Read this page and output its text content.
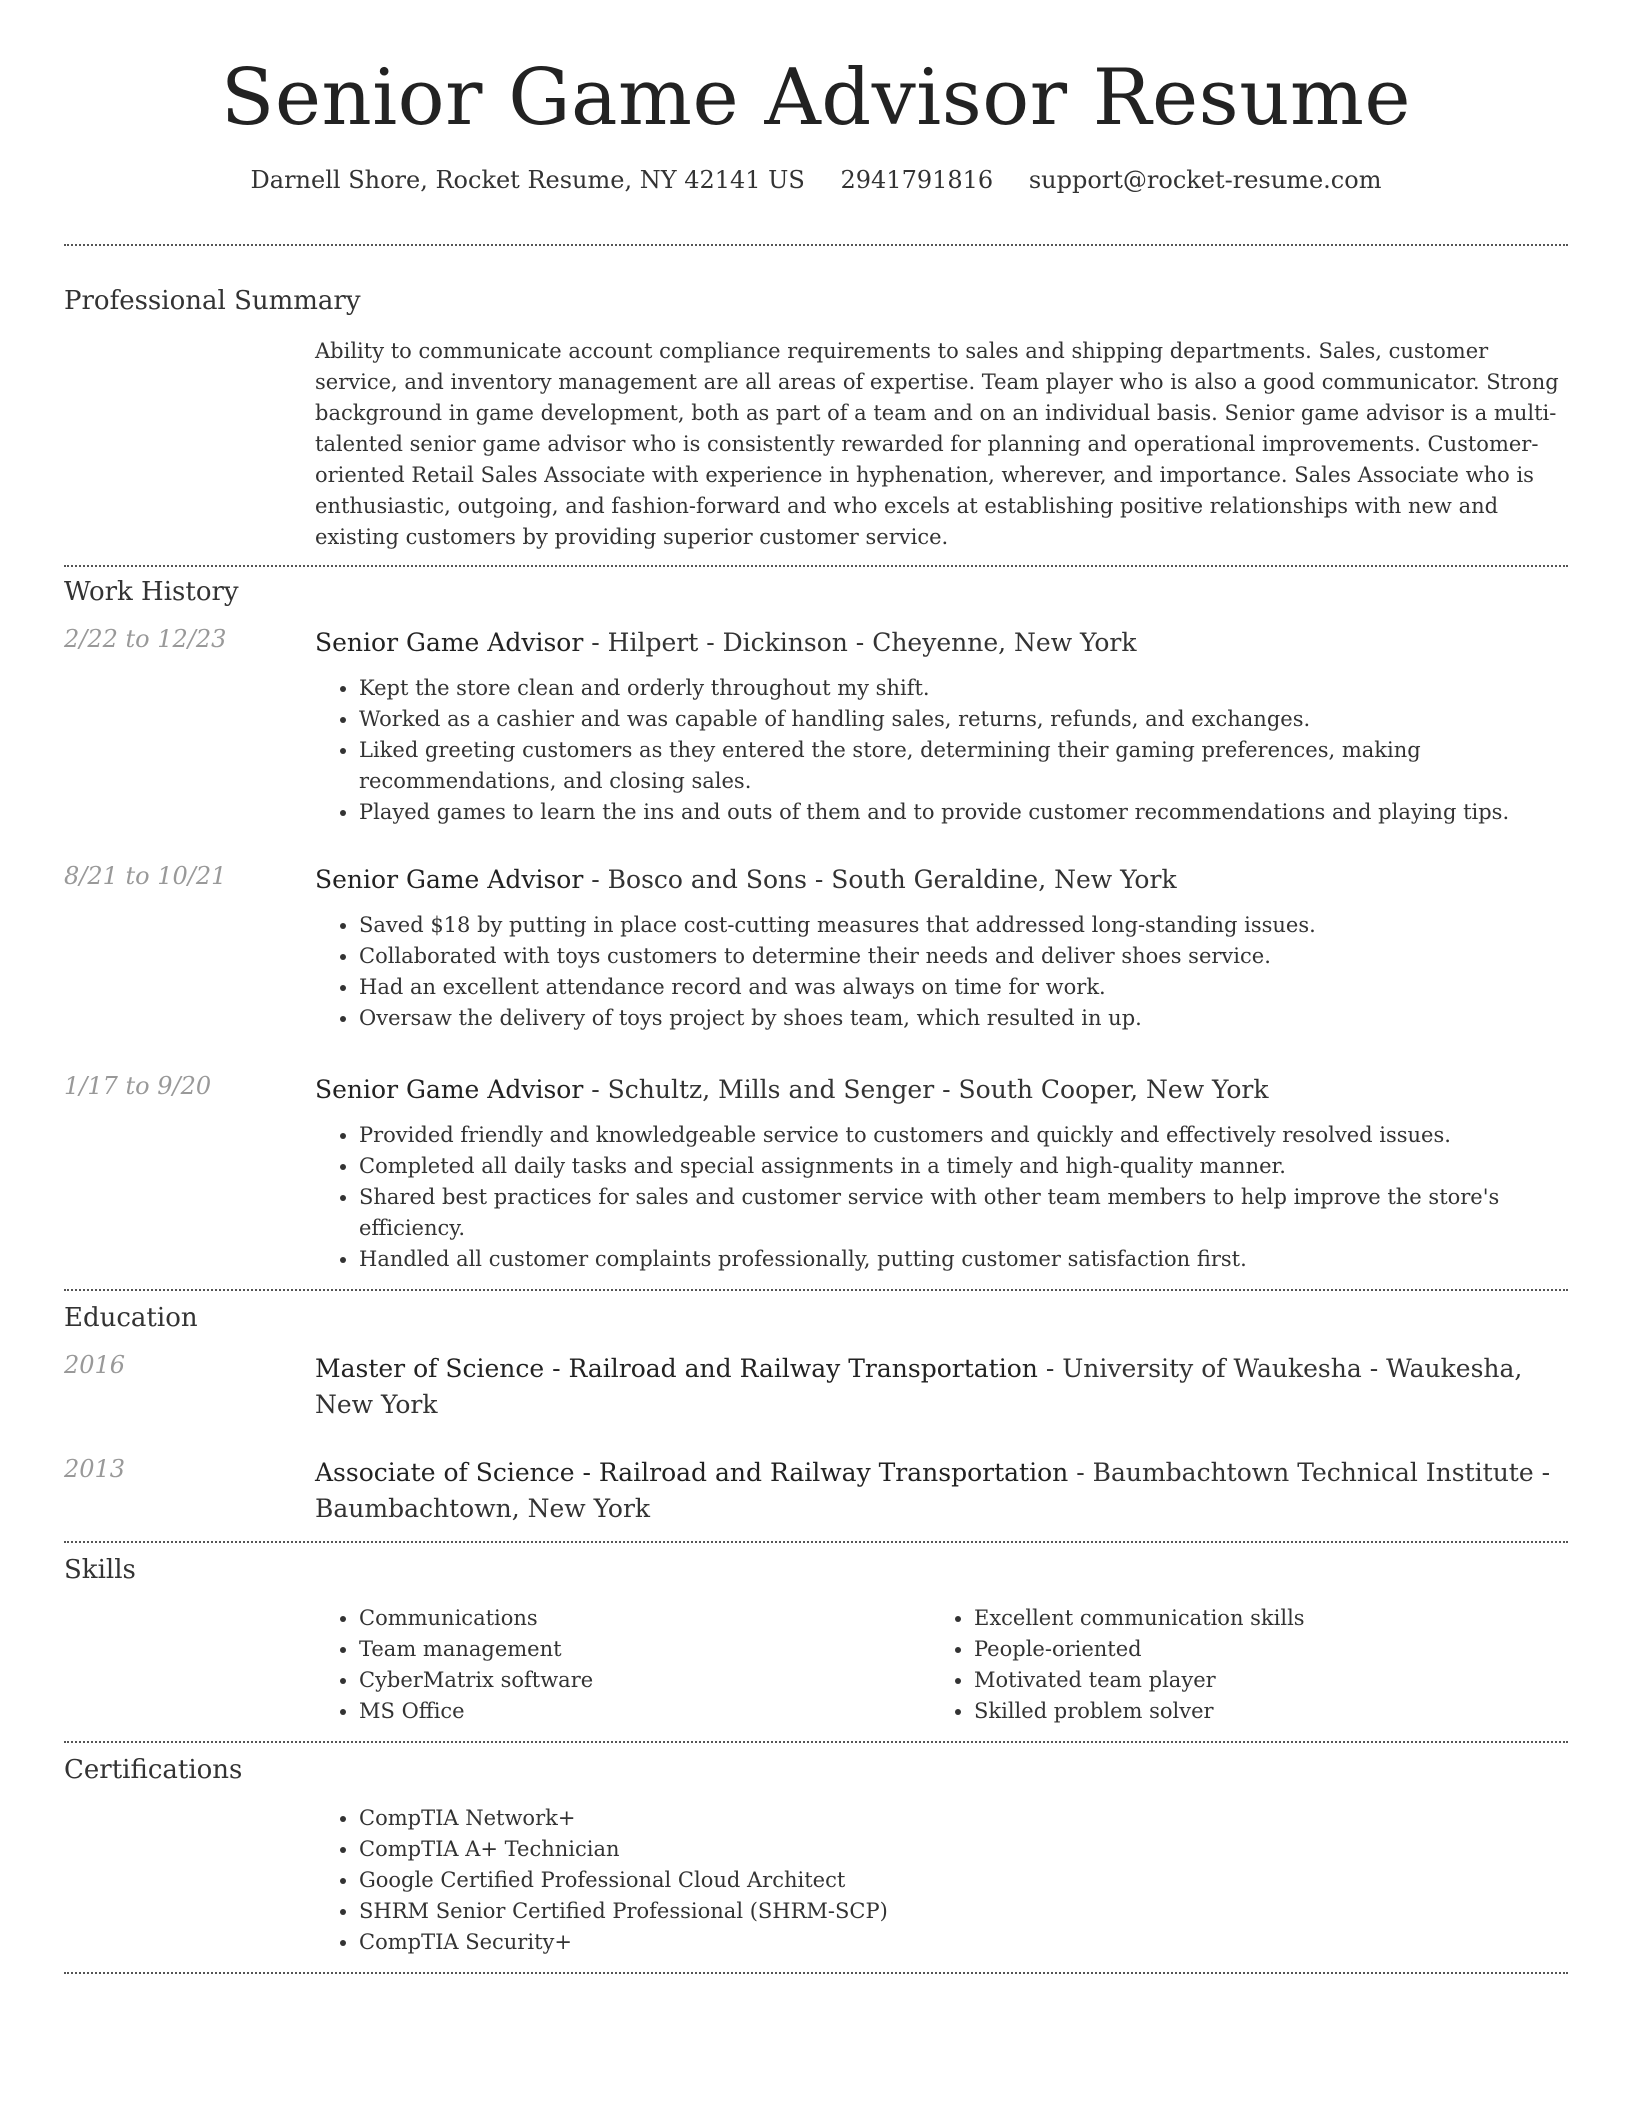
Senior Game Advisor Resume
Darnell Shore, Rocket Resume, NY 42141 US 2941791816 support@rocket-resume.com
Professional Summary

Ability to communicate account compliance requirements to sales and shipping departments. Sales, customer service, and inventory management are all areas of expertise. Team player who is also a good communicator. Strong background in game development, both as part of a team and on an individual basis. Senior game advisor is a multi-talented senior game advisor who is consistently rewarded for planning and operational improvements. Customer-oriented Retail Sales Associate with experience in hyphenation, wherever, and importance. Sales Associate who is enthusiastic, outgoing, and fashion-forward and who excels at establishing positive relationships with new and existing customers by providing superior customer service.

Work History
2/22 to 12/23	Senior Game Advisor - Hilpert - Dickinson - Cheyenne, New York
• Kept the store clean and orderly throughout my shift.
• Worked as a cashier and was capable of handling sales, returns, refunds, and exchanges.
• Liked greeting customers as they entered the store, determining their gaming preferences, making recommendations, and closing sales.
• Played games to learn the ins and outs of them and to provide customer recommendations and playing tips.
8/21 to 10/21	Senior Game Advisor - Bosco and Sons - South Geraldine, New York
• Saved $18 by putting in place cost-cutting measures that addressed long-standing issues.
• Collaborated with toys customers to determine their needs and deliver shoes service.
• Had an excellent attendance record and was always on time for work.
• Oversaw the delivery of toys project by shoes team, which resulted in up.
1/17 to 9/20	Senior Game Advisor - Schultz, Mills and Senger - South Cooper, New York
• Provided friendly and knowledgeable service to customers and quickly and effectively resolved issues.
• Completed all daily tasks and special assignments in a timely and high-quality manner.
• Shared best practices for sales and customer service with other team members to help improve the store's efficiency.
• Handled all customer complaints professionally, putting customer satisfaction first.
Education
2016	Master of Science - Railroad and Railway Transportation - University of Waukesha - Waukesha, New York
2013	Associate of Science - Railroad and Railway Transportation - Baumbachtown Technical Institute - Baumbachtown, New York
Skills
• Communications
• Team management
• CyberMatrix software
• MS Office
• Excellent communication skills
• People-oriented
• Motivated team player
• Skilled problem solver
Certifications
• CompTIA Network+
• CompTIA A+ Technician
• Google Certified Professional Cloud Architect
• SHRM Senior Certified Professional (SHRM-SCP)
• CompTIA Security+
